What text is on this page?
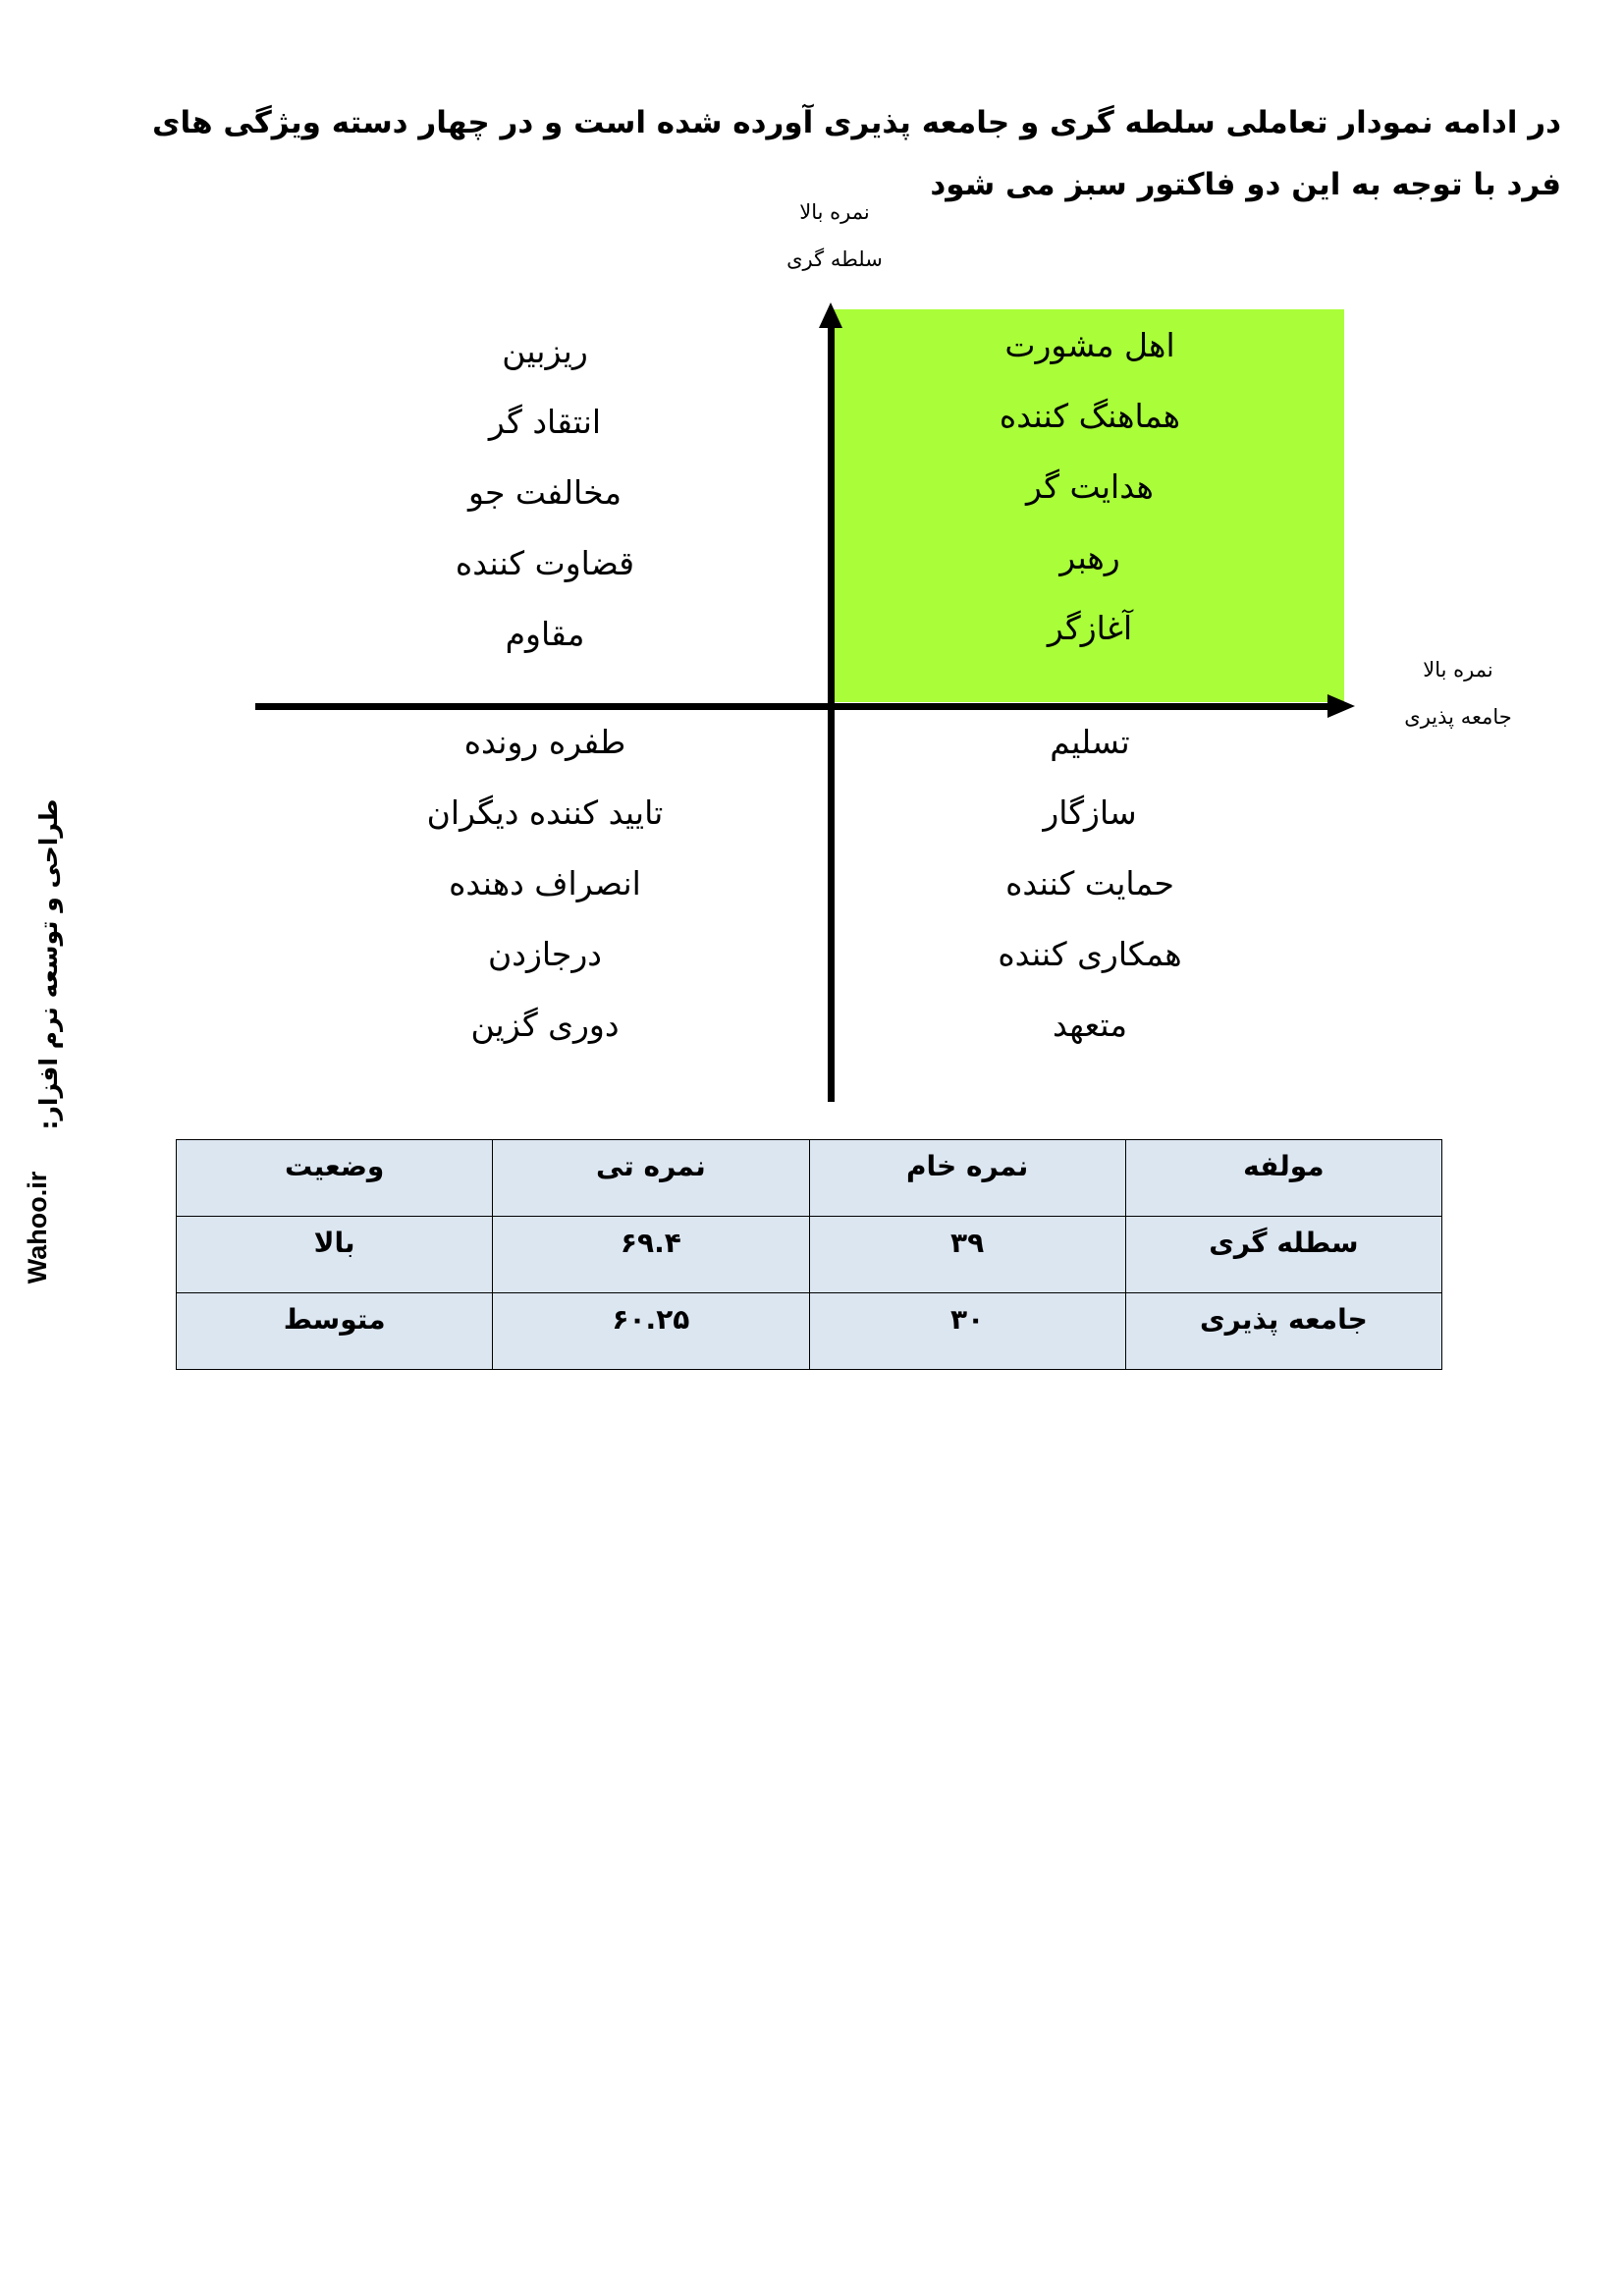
در ادامه نمودار تعاملی سلطه گری و جامعه پذیری آورده شده است و در چهار دسته ویژگی های فرد با توجه به این دو فاکتور سبز می شود
نمره بالا
سلطه گری
نمره بالا
جامعه پذیری
اهل مشورت
هماهنگ کننده
هدایت گر
رهبر
آغازگر
ریزبین
انتقاد گر
مخالفت جو
قضاوت کننده
مقاوم
تسلیم
سازگار
حمایت کننده
همکاری کننده
متعهد
طفره رونده
تایید کننده دیگران
انصراف دهنده
درجازدن
دوری گزین
طراحی و توسعه نرم افزار:
Wahoo.ir
مولفه	نمره خام	نمره تی	وضعیت
سطله گری	۳۹	۶۹.۴	بالا
جامعه پذیری	۳۰	۶۰.۲۵	متوسط
